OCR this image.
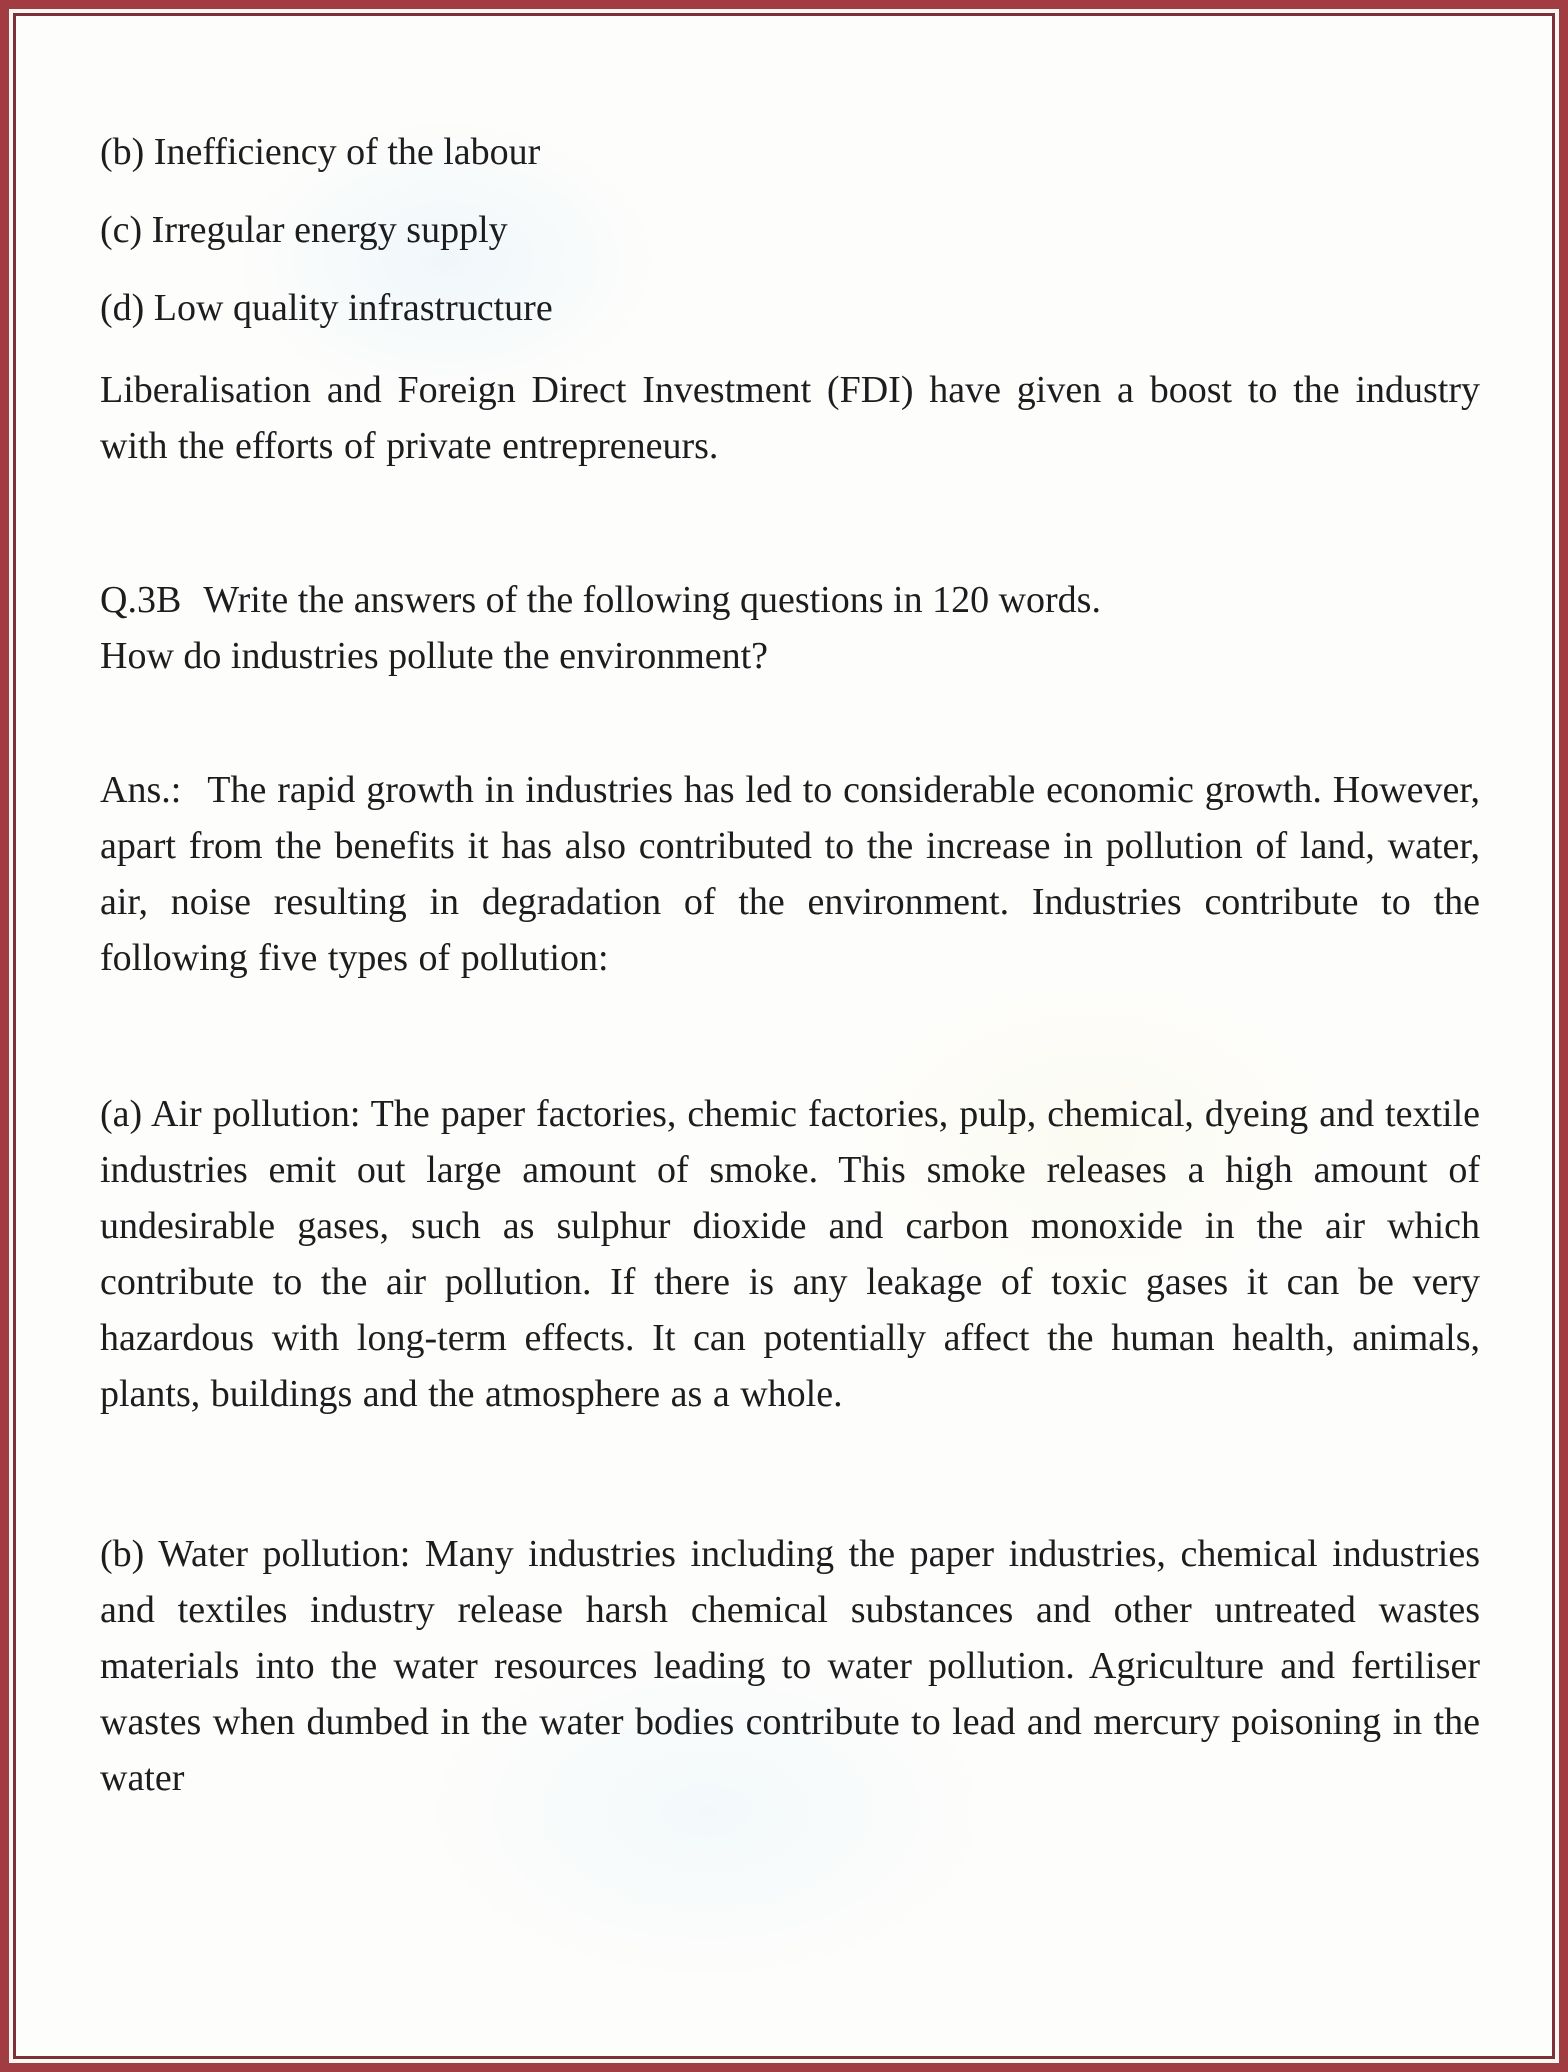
(b) Inefficiency of the labour
(c) Irregular energy supply
(d) Low quality infrastructure

Liberalisation and Foreign Direct Investment (FDI) have given a boost to the industry with the efforts of private entrepreneurs.

Q.3B Write the answers of the following questions in 120 words.
How do industries pollute the environment?

Ans.: The rapid growth in industries has led to considerable economic growth. However, apart from the benefits it has also contributed to the increase in pollution of land, water, air, noise resulting in degradation of the environment. Industries contribute to the following five types of pollution:

(a) Air pollution: The paper factories, chemic factories, pulp, chemical, dyeing and textile industries emit out large amount of smoke. This smoke releases a high amount of undesirable gases, such as sulphur dioxide and carbon monoxide in the air which contribute to the air pollution. If there is any leakage of toxic gases it can be very hazardous with long-term effects. It can potentially affect the human health, animals, plants, buildings and the atmosphere as a whole.

(b) Water pollution: Many industries including the paper industries, chemical industries and textiles industry release harsh chemical substances and other untreated wastes materials into the water resources leading to water pollution. Agriculture and fertiliser wastes when dumbed in the water bodies contribute to lead and mercury poisoning in the water
